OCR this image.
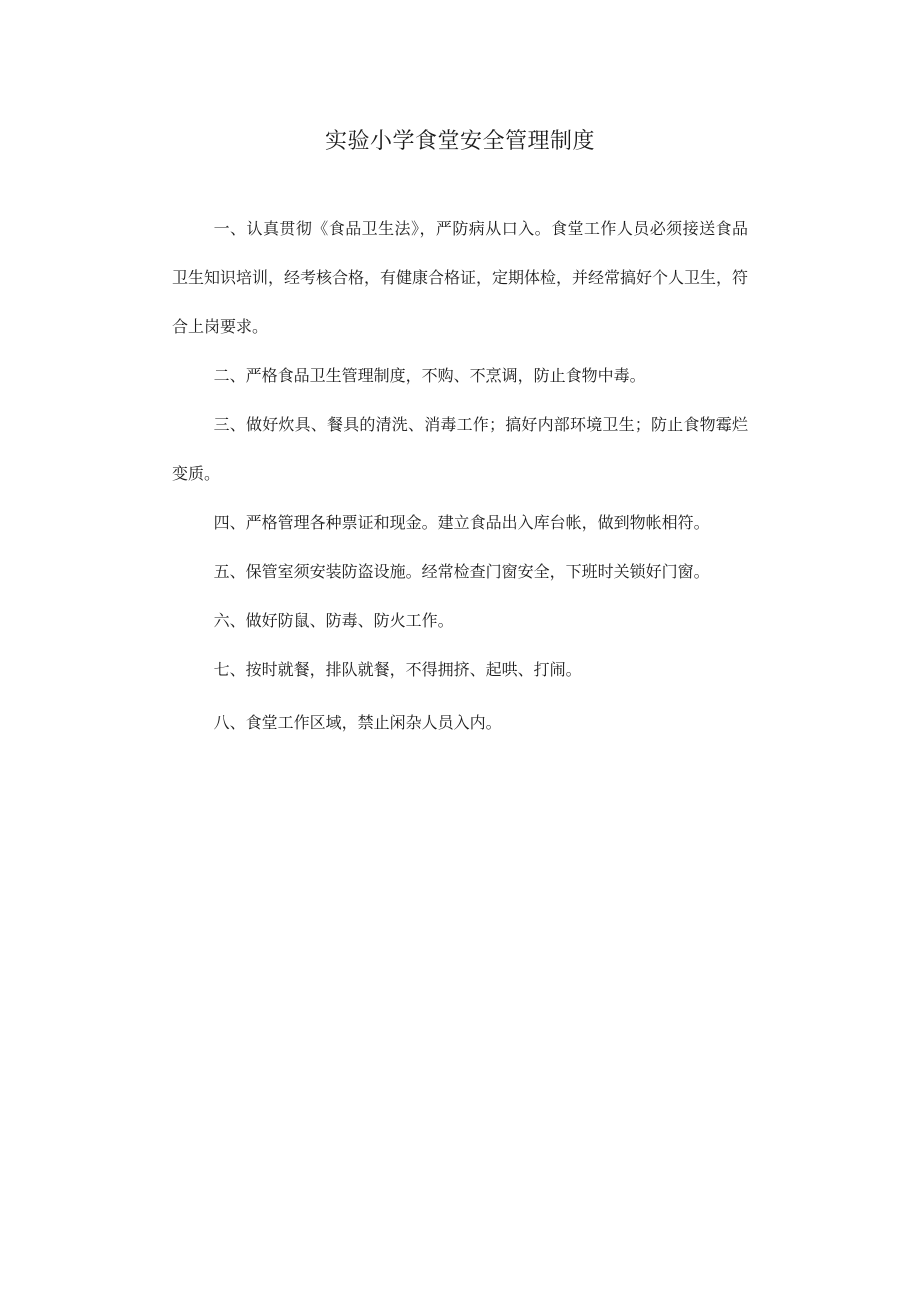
实验小学食堂安全管理制度

一、认真贯彻《食品卫生法》，严防病从口入。食堂工作人员必须接送食品卫生知识培训，经考核合格，有健康合格证，定期体检，并经常搞好个人卫生，符合上岗要求。

二、严格食品卫生管理制度，不购、不烹调，防止食物中毒。

三、做好炊具、餐具的清洗、消毒工作；搞好内部环境卫生；防止食物霉烂变质。

四、严格管理各种票证和现金。建立食品出入库台帐，做到物帐相符。

五、保管室须安装防盗设施。经常检查门窗安全，下班时关锁好门窗。

六、做好防鼠、防毒、防火工作。

七、按时就餐，排队就餐，不得拥挤、起哄、打闹。

八、食堂工作区域，禁止闲杂人员入内。
